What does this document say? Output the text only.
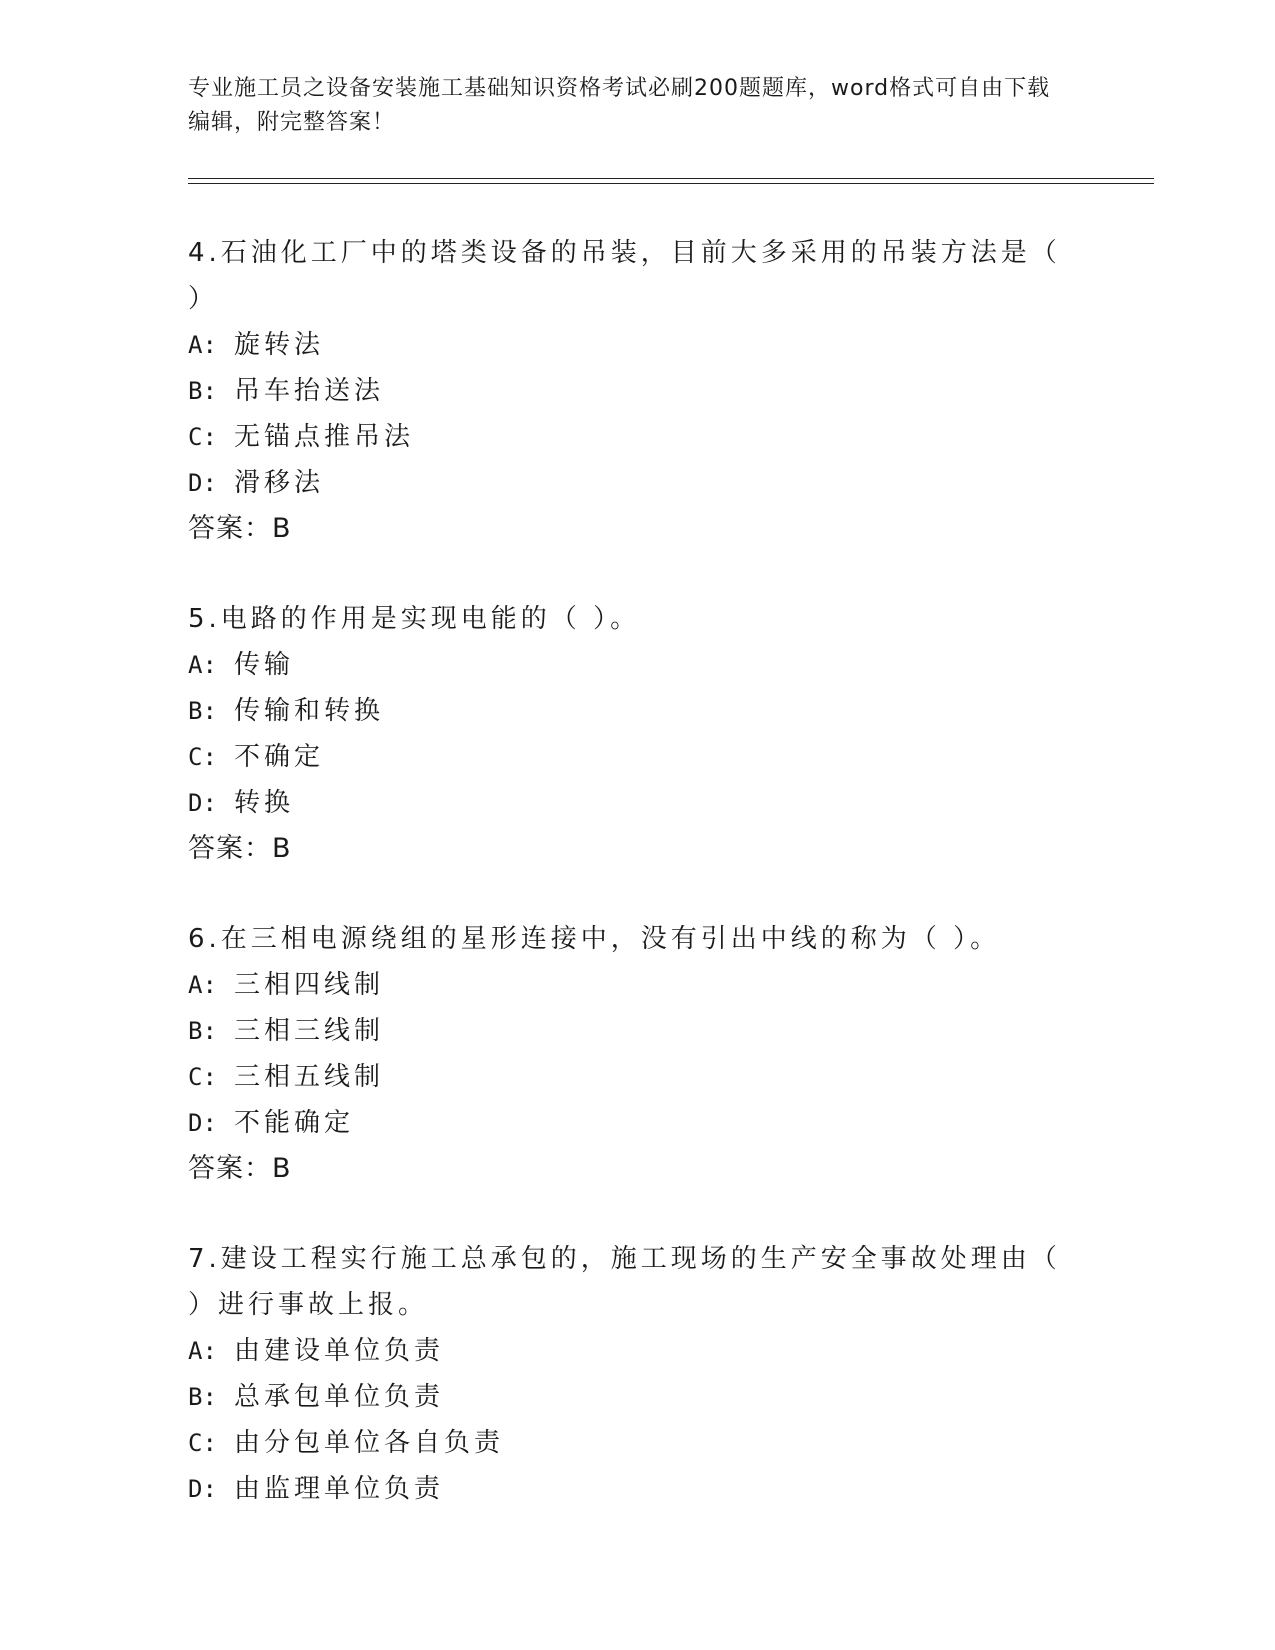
专业施工员之设备安装施工基础知识资格考试必刷200题题库，word格式可自由下载编辑，附完整答案！
4.石油化工厂中的塔类设备的吊装，目前大多采用的吊装方法是（ ）
A: 旋转法
B: 吊车抬送法
C: 无锚点推吊法
D: 滑移法
答案：B
5.电路的作用是实现电能的（ ）。
A: 传输
B: 传输和转换
C: 不确定
D: 转换
答案：B
6.在三相电源绕组的星形连接中，没有引出中线的称为（ ）。
A: 三相四线制
B: 三相三线制
C: 三相五线制
D: 不能确定
答案：B
7.建设工程实行施工总承包的，施工现场的生产安全事故处理由（ ）进行事故上报。
A: 由建设单位负责
B: 总承包单位负责
C: 由分包单位各自负责
D: 由监理单位负责
